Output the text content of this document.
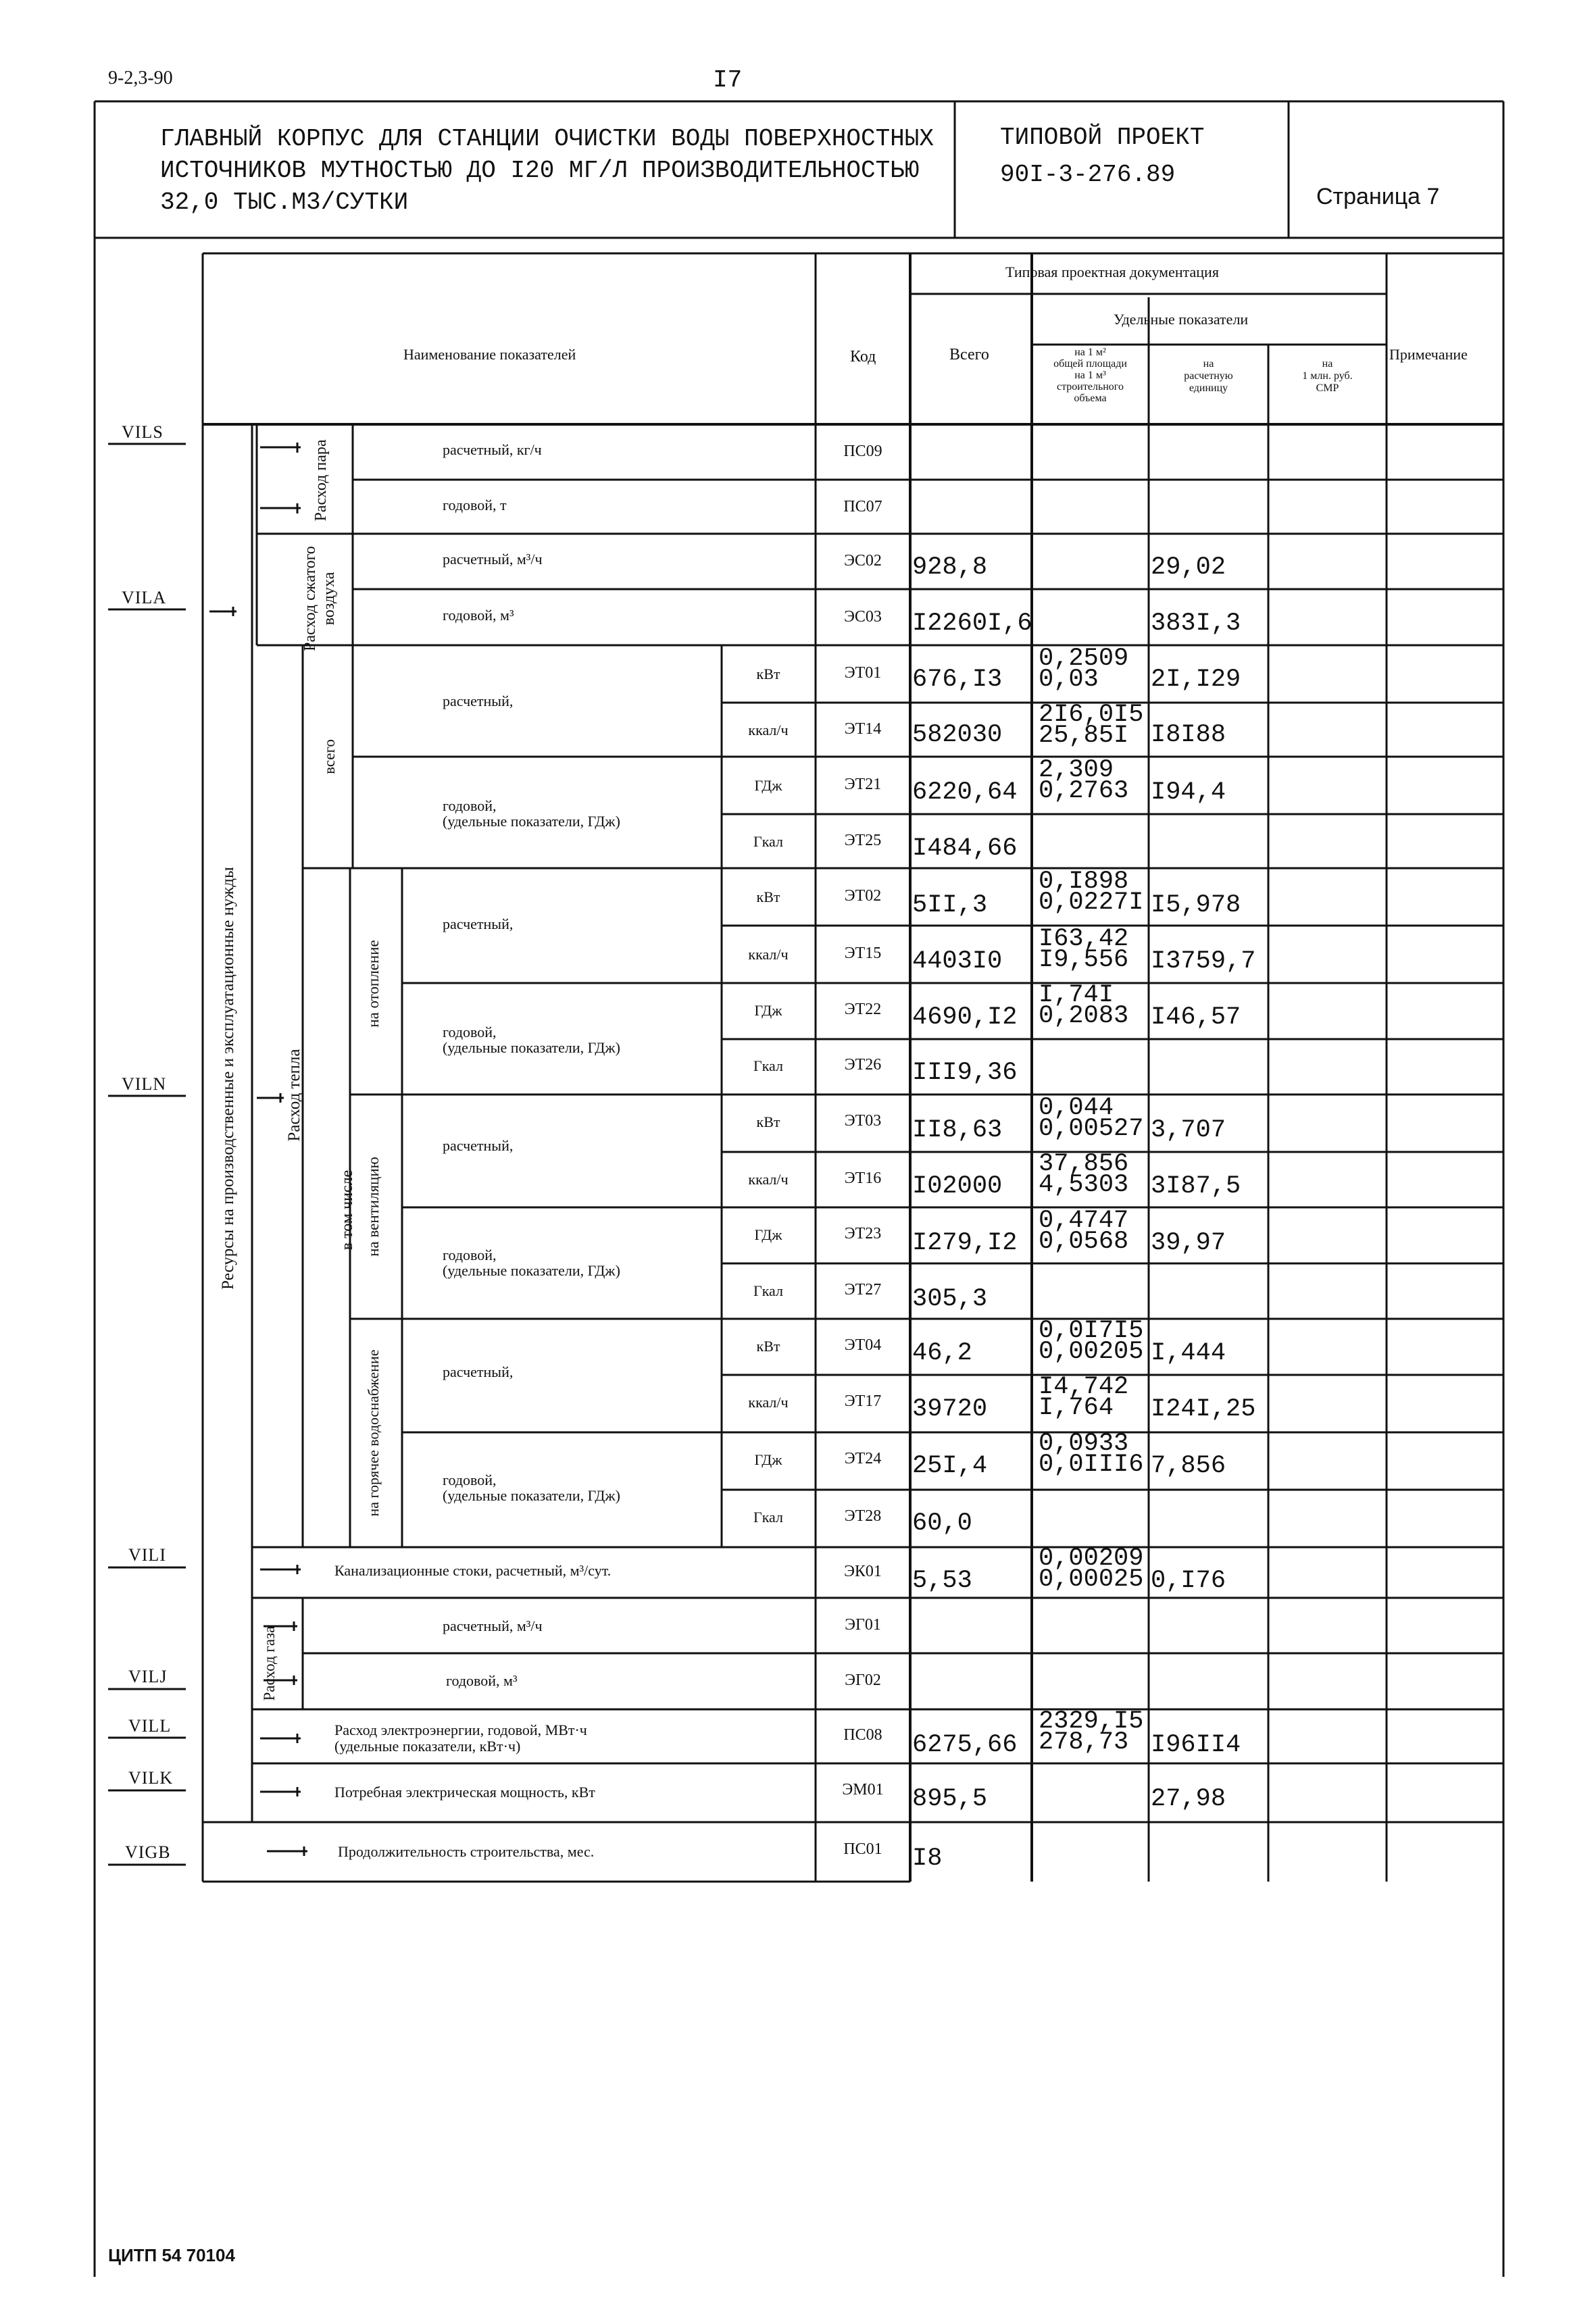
9-2,3-90	I7
ГЛАВНЫЙ КОРПУС ДЛЯ СТАНЦИИ ОЧИСТКИ ВОДЫ ПОВЕРХНОСТНЫХ
ИСТОЧНИКОВ МУТНОСТЬЮ ДО I20 МГ/Л ПРОИЗВОДИТЕЛЬНОСТЬЮ
32,0 ТЫС.М3/СУТКИ
ТИПОВОЙ ПРОЕКТ
90I-3-276.89
Страница 7
Наименование показателей	Код
Типовая проектная документация
Всего
Удельные показатели
на 1 м²
общей площади
на 1 м³
строительного
объема
на
расчетную
единицу
на
1 млн. руб.
СМР
Примечание
VILS
VILA
VILN
VILI
VILJ
VILL
VILK
VIGB
Ресурсы на производственные и эксплуатационные нужды
Расход пара
Расход сжатого воздуха
Расход тепла
всего
в том числе
на отопление
на вентиляцию
на горячее водоснабжение
Расход газа
расчетный, кг/ч
годовой, т
расчетный, м³/ч
годовой, м³
расчетный,
годовой,
(удельные показатели, ГДж)
расчетный,
годовой,
(удельные показатели, ГДж)
расчетный,
годовой,
(удельные показатели, ГДж)
расчетный,
годовой,
(удельные показатели, ГДж)
Канализационные стоки, расчетный, м³/сут.
расчетный, м³/ч
годовой, м³
Расход электроэнергии, годовой, МВт·ч
(удельные показатели, кВт·ч)
Потребная электрическая мощность, кВт
Продолжительность строительства, мес.
кВт
ккал/ч
ГДж
Гкал
кВт
ккал/ч
ГДж
Гкал
кВт
ккал/ч
ГДж
Гкал
кВт
ккал/ч
ГДж
Гкал
ПС09
ПС07
ЭС02
ЭС03
ЭТ01
ЭТ14
ЭТ21
ЭТ25
ЭТ02
ЭТ15
ЭТ22
ЭТ26
ЭТ03
ЭТ16
ЭТ23
ЭТ27
ЭТ04
ЭТ17
ЭТ24
ЭТ28
ЭК01
ЭГ01
ЭГ02
ПС08
ЭМ01
ПС01
928,8
I2260I,6
676,I3
582030
6220,64
I484,66
5II,3
4403I0
4690,I2
III9,36
II8,63
I02000
I279,I2
305,3
46,2
39720
25I,4
60,0
5,53
6275,66
895,5
I8
0,2509
0,03
2I6,0I5
25,85I
2,309
0,2763
0,I898
0,0227I
I63,42
I9,556
I,74I
0,2083
0,044
0,00527
37,856
4,5303
0,4747
0,0568
0,0I7I5
0,00205
I4,742
I,764
0,0933
0,0III6
0,00209
0,00025
2329,I5
278,73
29,02
383I,3
2I,I29
I8I88
I94,4
I5,978
I3759,7
I46,57
3,707
3I87,5
39,97
I,444
I24I,25
7,856
0,I76
I96II4
27,98
ЦИТП 54 70104
